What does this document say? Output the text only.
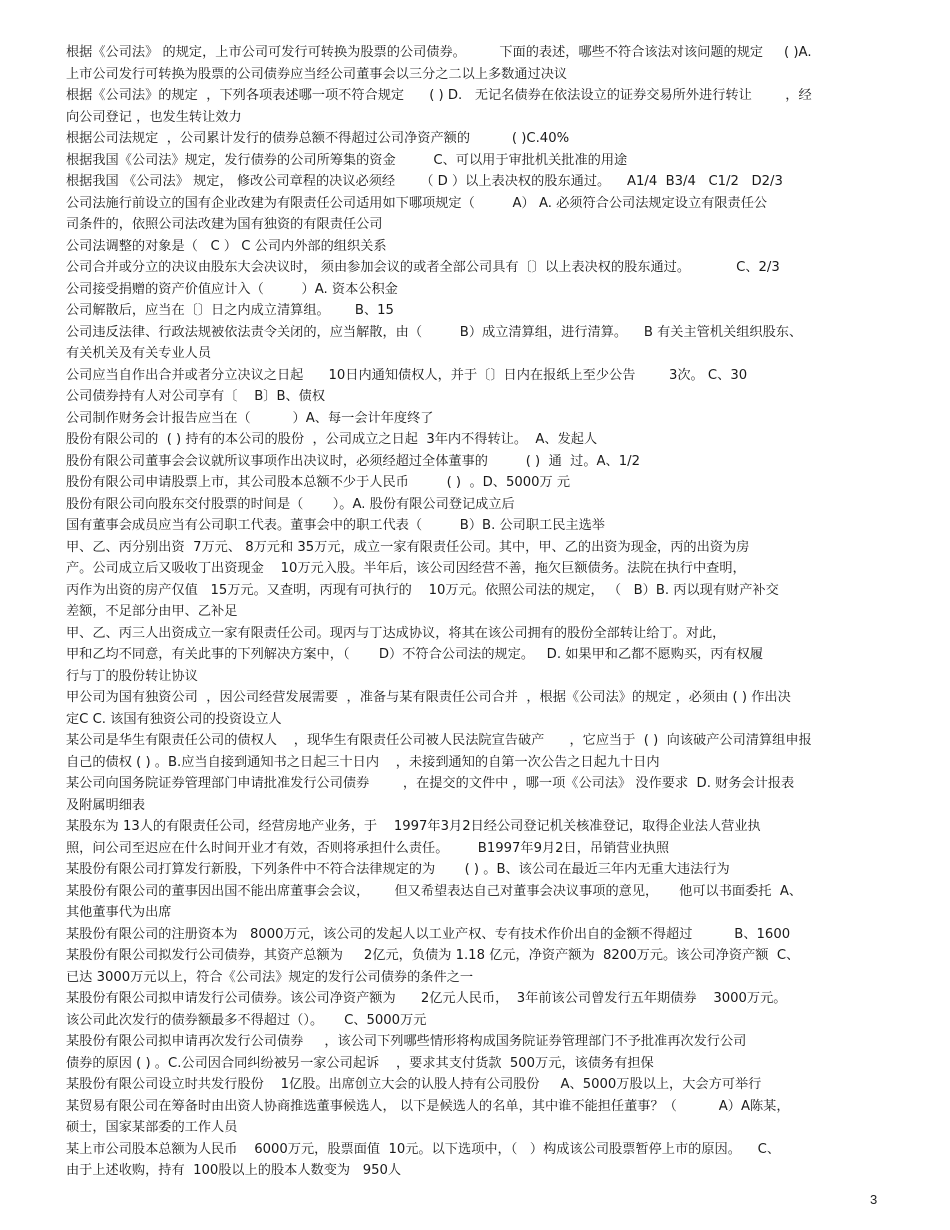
根据《公司法》 的规定，上市公司可发行可转换为股票的公司债券。        下面的表述，哪些不符合该法对该问题的规定     ( )A.
上市公司发行可转换为股票的公司债券应当经公司董事会以三分之二以上多数通过决议
根据《公司法》的规定  ，下列各项表述哪一项不符合规定      ( ) D.   无记名债券在依法设立的证券交易所外进行转让        ，经
向公司登记 ，也发生转让效力
根据公司法规定  ，公司累计发行的债券总额不得超过公司净资产额的          ( )C.40%
根据我国《公司法》规定，发行债券的公司所筹集的资金         C、可以用于审批机关批准的用途
根据我国 《公司法》 规定， 修改公司章程的决议必须经      （ D ）以上表决权的股东通过。    A1/4  B3/4   C1/2   D2/3
公司法施行前设立的国有企业改建为有限责任公司适用如下哪项规定（         A） A. 必须符合公司法规定设立有限责任公
司条件的，依照公司法改建为国有独资的有限责任公司
公司法调整的对象是（   C ） C 公司内外部的组织关系
公司合并或分立的决议由股东大会决议时， 须由参加会议的或者全部公司具有〔〕以上表决权的股东通过。           C、2/3
公司接受捐赠的资产价值应计入（         ）A. 资本公积金
公司解散后，应当在〔〕日之内成立清算组。      B、15
公司违反法律、行政法规被依法责令关闭的，应当解散，由（         B）成立清算组，进行清算。    B 有关主管机关组织股东、
有关机关及有关专业人员
公司应当自作出合并或者分立决议之日起      10日内通知债权人，并于〔〕日内在报纸上至少公告        3次。 C、30
公司债券持有人对公司享有〔    B〕B、债权
公司制作财务会计报告应当在（          ）A、每一会计年度终了
股份有限公司的  ( ) 持有的本公司的股份  ，公司成立之日起  3年内不得转让。  A、发起人
股份有限公司董事会会议就所议事项作出决议时，必须经超过全体董事的         ( )  通  过。A、1/2
股份有限公司申请股票上市，其公司股本总额不少于人民币         ( )  。D、5000万 元
股份有限公司向股东交付股票的时间是（       ）。A. 股份有限公司登记成立后
国有董事会成员应当有公司职工代表。董事会中的职工代表（         B）B. 公司职工民主选举
甲、乙、丙分别出资  7万元、 8万元和 35万元，成立一家有限责任公司。其中，甲、乙的出资为现金，丙的出资为房
产。公司成立后又吸收丁出资现金    10万元入股。半年后，该公司因经营不善，拖欠巨额债务。法院在执行中查明，
丙作为出资的房产仅值   15万元。又查明，丙现有可执行的    10万元。依照公司法的规定， （   B）B. 丙以现有财产补交
差额，不足部分由甲、乙补足
甲、乙、丙三人出资成立一家有限责任公司。现丙与丁达成协议，将其在该公司拥有的股份全部转让给丁。对此，
甲和乙均不同意，有关此事的下列解决方案中，（       D）不符合公司法的规定。   D. 如果甲和乙都不愿购买，丙有权履
行与丁的股份转让协议
甲公司为国有独资公司  ，因公司经营发展需要  ，准备与某有限责任公司合并  ，根据《公司法》的规定 ，必须由 ( ) 作出决
定C C. 该国有独资公司的投资设立人
某公司是华生有限责任公司的债权人    ，现华生有限责任公司被人民法院宣告破产      ，它应当于  ( )  向该破产公司清算组申报
自己的债权 ( ) 。B.应当自接到通知书之日起三十日内    ，未接到通知的自第一次公告之日起九十日内
某公司向国务院证券管理部门申请批准发行公司债券        ，在提交的文件中 ，哪一项《公司法》 没作要求  D. 财务会计报表
及附属明细表
某股东为 13人的有限责任公司，经营房地产业务，于    1997年3月2日经公司登记机关核准登记，取得企业法人营业执
照，问公司至迟应在什么时间开业才有效，否则将承担什么责任。       B1997年9月2日，吊销营业执照
某股份有限公司打算发行新股，下列条件中不符合法律规定的为       ( ) 。B、该公司在最近三年内无重大违法行为
某股份有限公司的董事因出国不能出席董事会会议，      但又希望表达自己对董事会决议事项的意见，     他可以书面委托  A、
其他董事代为出席
某股份有限公司的注册资本为   8000万元，该公司的发起人以工业产权、专有技术作价出自的金额不得超过          B、1600
某股份有限公司拟发行公司债券，其资产总额为     2亿元，负债为 1.18 亿元，净资产额为  8200万元。该公司净资产额  C、
已达 3000万元以上，符合《公司法》规定的发行公司债券的条件之一
某股份有限公司拟申请发行公司债券。该公司净资产额为      2亿元人民币，  3年前该公司曾发行五年期债券    3000万元。
该公司此次发行的债券额最多不得超过（）。     C、5000万元
某股份有限公司拟申请再次发行公司债券     ，该公司下列哪些情形将构成国务院证券管理部门不予批准再次发行公司
债券的原因 ( ) 。C.公司因合同纠纷被另一家公司起诉    ，要求其支付货款  500万元，该债务有担保
某股份有限公司设立时共发行股份    1亿股。出席创立大会的认股人持有公司股份     A、5000万股以上，大会方可举行
某贸易有限公司在筹备时由出资人协商推选董事候选人， 以下是候选人的名单，其中谁不能担任董事？（          A）A陈某，
硕士，国家某部委的工作人员
某上市公司股本总额为人民币    6000万元，股票面值  10元。以下选项中，（   ）构成该公司股票暂停上市的原因。    C、
由于上述收购，持有  100股以上的股本人数变为   950人
3
